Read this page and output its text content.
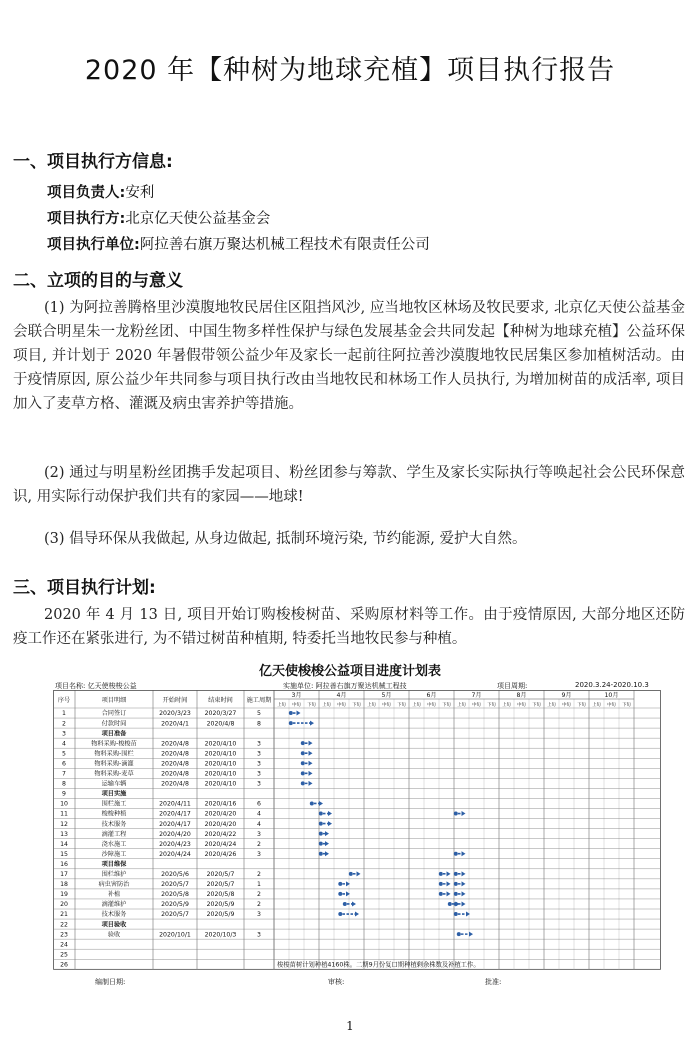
2020 年【种树为地球充植】项目执行报告
一、项目执行方信息:
项目负责人:安利
项目执行方:北京亿天使公益基金会
项目执行单位:阿拉善右旗万聚达机械工程技术有限责任公司
二、立项的目的与意义
(1) 为阿拉善腾格里沙漠腹地牧民居住区阻挡风沙, 应当地牧区林场及牧民要求, 北京亿天使公益基金会联合明星朱一龙粉丝团、中国生物多样性保护与绿色发展基金会共同发起【种树为地球充植】公益环保项目, 并计划于 2020 年暑假带领公益少年及家长一起前往阿拉善沙漠腹地牧民居集区参加植树活动。由于疫情原因, 原公益少年共同参与项目执行改由当地牧民和林场工作人员执行, 为增加树苗的成活率, 项目加入了麦草方格、灌溉及病虫害养护等措施。
(2) 通过与明星粉丝团携手发起项目、粉丝团参与筹款、学生及家长实际执行等唤起社会公民环保意识, 用实际行动保护我们共有的家园——地球!
(3) 倡导环保从我做起, 从身边做起, 抵制环境污染, 节约能源, 爱护大自然。
三、项目执行计划:
2020 年 4 月 13 日, 项目开始订购梭梭树苗、采购原材料等工作。由于疫情原因, 大部分地区还防疫工作还在紧张进行, 为不错过树苗种植期, 特委托当地牧民参与种植。
亿天使梭梭公益项目进度计划表
项目名称: 亿天使梭梭公益	实施单位: 阿拉善右旗万聚达机械工程技	项目周期:	2020.3.24-2020.10.3
序号	项目明细	开始时间	结束时间 施工周期
3月
上旬 中旬 下旬
4月
上旬 中旬 下旬
5月
上旬 中旬 下旬
6月
上旬 中旬 下旬
7月
上旬 中旬 下旬
8月
上旬 中旬 下旬
9月
上旬 中旬 下旬
10月
上旬 中旬 下旬
1	合同签订	2020/3/23 2020/3/27	5
2	付款时间	2020/4/1	2020/4/8	8
3	项目准备
4	物料采购-梭梭苗	2020/4/8	2020/4/10	3
5	物料采购-围栏	2020/4/8	2020/4/10	3
6	物料采购-滴灌	2020/4/8	2020/4/10	3
7	物料采购-麦草	2020/4/8	2020/4/10	3
8	运输车辆	2020/4/8	2020/4/10	3
9	项目实施
10	围栏施工	2020/4/11 2020/4/16	6
11	梭梭种植	2020/4/17 2020/4/20	4
12	技术服务	2020/4/17 2020/4/20	4
13	滴灌工程	2020/4/20 2020/4/22	3
14	浇水施工	2020/4/23 2020/4/24	2
15	沙障施工	2020/4/24 2020/4/26	3
16	项目维保
17	围栏维护	2020/5/6	2020/5/7	2
18	病虫害防治	2020/5/7	2020/5/7	1
19	补植	2020/5/8	2020/5/8	2
20	滴灌维护	2020/5/9	2020/5/9	2
21	技术服务	2020/5/7	2020/5/9	3
22	项目验收
23	验收	2020/10/1 2020/10/3	3
24
25
26	梭梭苗树计划种植4160株。二期9月份复口期种植剩余株数及补植工作。
编制日期:	审核:	批准:
1
